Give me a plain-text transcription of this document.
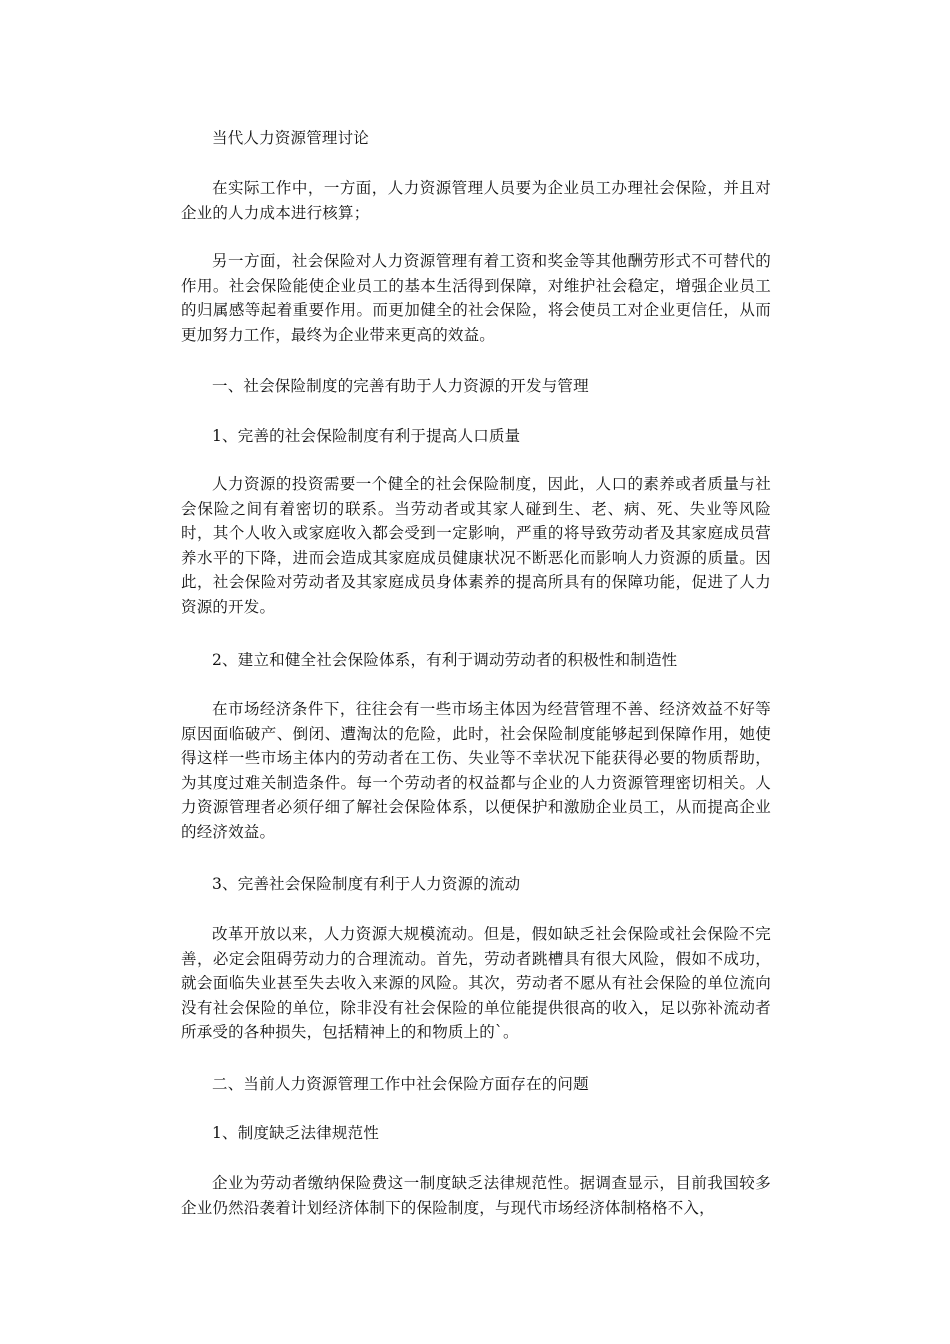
当代人力资源管理讨论

在实际工作中，一方面，人力资源管理人员要为企业员工办理社会保险，并且对企业的人力成本进行核算；

另一方面，社会保险对人力资源管理有着工资和奖金等其他酬劳形式不可替代的作用。社会保险能使企业员工的基本生活得到保障，对维护社会稳定，增强企业员工的归属感等起着重要作用。而更加健全的社会保险，将会使员工对企业更信任，从而更加努力工作，最终为企业带来更高的效益。

一、社会保险制度的完善有助于人力资源的开发与管理

1、完善的社会保险制度有利于提高人口质量

人力资源的投资需要一个健全的社会保险制度，因此，人口的素养或者质量与社会保险之间有着密切的联系。当劳动者或其家人碰到生、老、病、死、失业等风险时，其个人收入或家庭收入都会受到一定影响，严重的将导致劳动者及其家庭成员营养水平的下降，进而会造成其家庭成员健康状况不断恶化而影响人力资源的质量。因此，社会保险对劳动者及其家庭成员身体素养的提高所具有的保障功能，促进了人力资源的开发。

2、建立和健全社会保险体系，有利于调动劳动者的积极性和制造性

在市场经济条件下，往往会有一些市场主体因为经营管理不善、经济效益不好等原因面临破产、倒闭、遭淘汰的危险，此时，社会保险制度能够起到保障作用，她使得这样一些市场主体内的劳动者在工伤、失业等不幸状况下能获得必要的物质帮助，为其度过难关制造条件。每一个劳动者的权益都与企业的人力资源管理密切相关。人力资源管理者必须仔细了解社会保险体系，以便保护和激励企业员工，从而提高企业的经济效益。

3、完善社会保险制度有利于人力资源的流动

改革开放以来，人力资源大规模流动。但是，假如缺乏社会保险或社会保险不完善，必定会阻碍劳动力的合理流动。首先，劳动者跳槽具有很大风险，假如不成功，就会面临失业甚至失去收入来源的风险。其次，劳动者不愿从有社会保险的单位流向没有社会保险的单位，除非没有社会保险的单位能提供很高的收入，足以弥补流动者所承受的各种损失，包括精神上的和物质上的`。

二、当前人力资源管理工作中社会保险方面存在的问题

1、制度缺乏法律规范性

企业为劳动者缴纳保险费这一制度缺乏法律规范性。据调查显示，目前我国较多企业仍然沿袭着计划经济体制下的保险制度，与现代市场经济体制格格不入，
